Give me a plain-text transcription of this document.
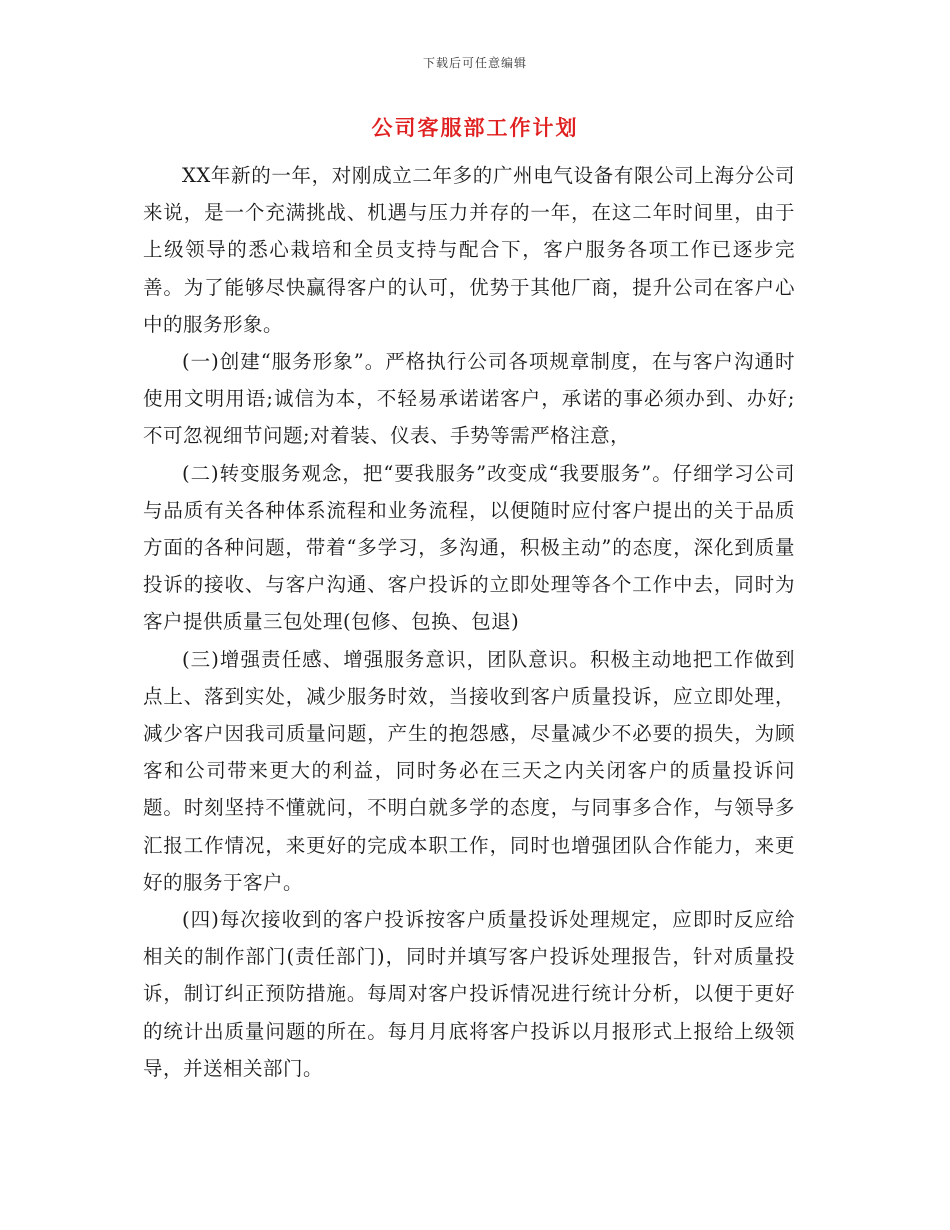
下载后可任意编辑
公司客服部工作计划

XX年新的一年，对刚成立二年多的广州电气设备有限公司上海分公司来说，是一个充满挑战、机遇与压力并存的一年，在这二年时间里，由于上级领导的悉心栽培和全员支持与配合下，客户服务各项工作已逐步完善。为了能够尽快赢得客户的认可，优势于其他厂商，提升公司在客户心中的服务形象。

(一)创建“服务形象”。严格执行公司各项规章制度，在与客户沟通时使用文明用语;诚信为本，不轻易承诺诺客户，承诺的事必须办到、办好;不可忽视细节问题;对着装、仪表、手势等需严格注意，

(二)转变服务观念，把“要我服务”改变成“我要服务”。仔细学习公司与品质有关各种体系流程和业务流程，以便随时应付客户提出的关于品质方面的各种问题，带着“多学习，多沟通，积极主动”的态度，深化到质量投诉的接收、与客户沟通、客户投诉的立即处理等各个工作中去，同时为客户提供质量三包处理(包修、包换、包退)

(三)增强责任感、增强服务意识，团队意识。积极主动地把工作做到点上、落到实处，减少服务时效，当接收到客户质量投诉，应立即处理，减少客户因我司质量问题，产生的抱怨感，尽量减少不必要的损失，为顾客和公司带来更大的利益，同时务必在三天之内关闭客户的质量投诉问题。时刻坚持不懂就问，不明白就多学的态度，与同事多合作，与领导多汇报工作情况，来更好的完成本职工作，同时也增强团队合作能力，来更好的服务于客户。

(四)每次接收到的客户投诉按客户质量投诉处理规定，应即时反应给相关的制作部门(责任部门)，同时并填写客户投诉处理报告，针对质量投诉，制订纠正预防措施。每周对客户投诉情况进行统计分析，以便于更好的统计出质量问题的所在。每月月底将客户投诉以月报形式上报给上级领导，并送相关部门。
